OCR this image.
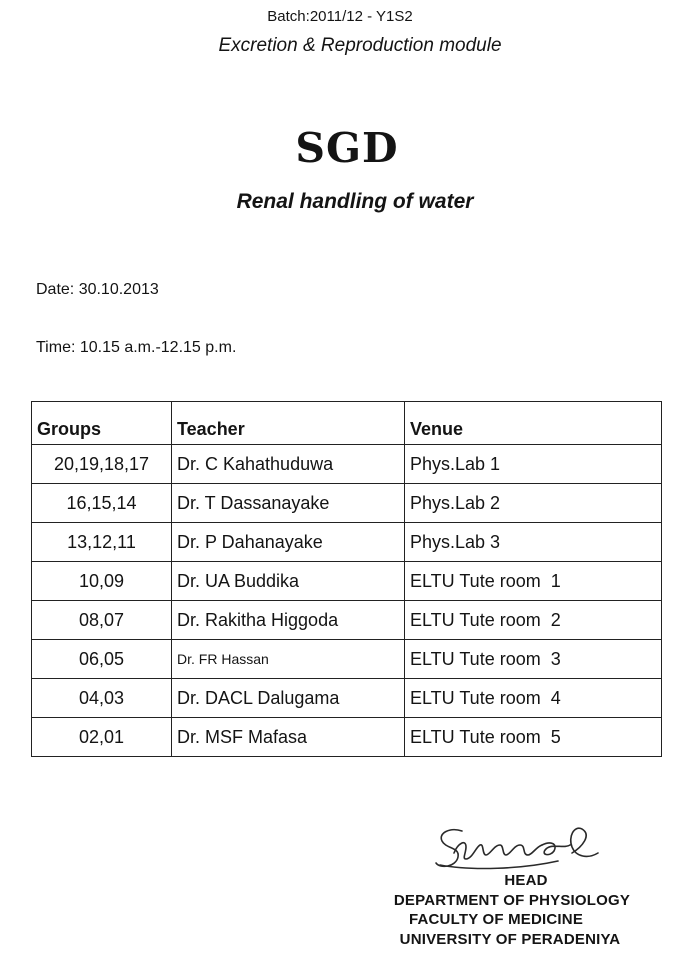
Batch:2011/12 - Y1S2
Excretion & Reproduction module
SGD
Renal handling of water
Date: 30.10.2013
Time: 10.15 a.m.-12.15 p.m.
Groups	Teacher	Venue
20,19,18,17	Dr. C Kahathuduwa	Phys.Lab 1
16,15,14	Dr. T Dassanayake	Phys.Lab 2
13,12,11	Dr. P Dahanayake	Phys.Lab 3
10,09	Dr. UA Buddika	ELTU Tute room  1
08,07	Dr. Rakitha Higgoda	ELTU Tute room  2
06,05	Dr. FR Hassan	ELTU Tute room  3
04,03	Dr. DACL Dalugama	ELTU Tute room  4
02,01	Dr. MSF Mafasa	ELTU Tute room  5
HEAD
DEPARTMENT OF PHYSIOLOGY
FACULTY OF MEDICINE
UNIVERSITY OF PERADENIYA
